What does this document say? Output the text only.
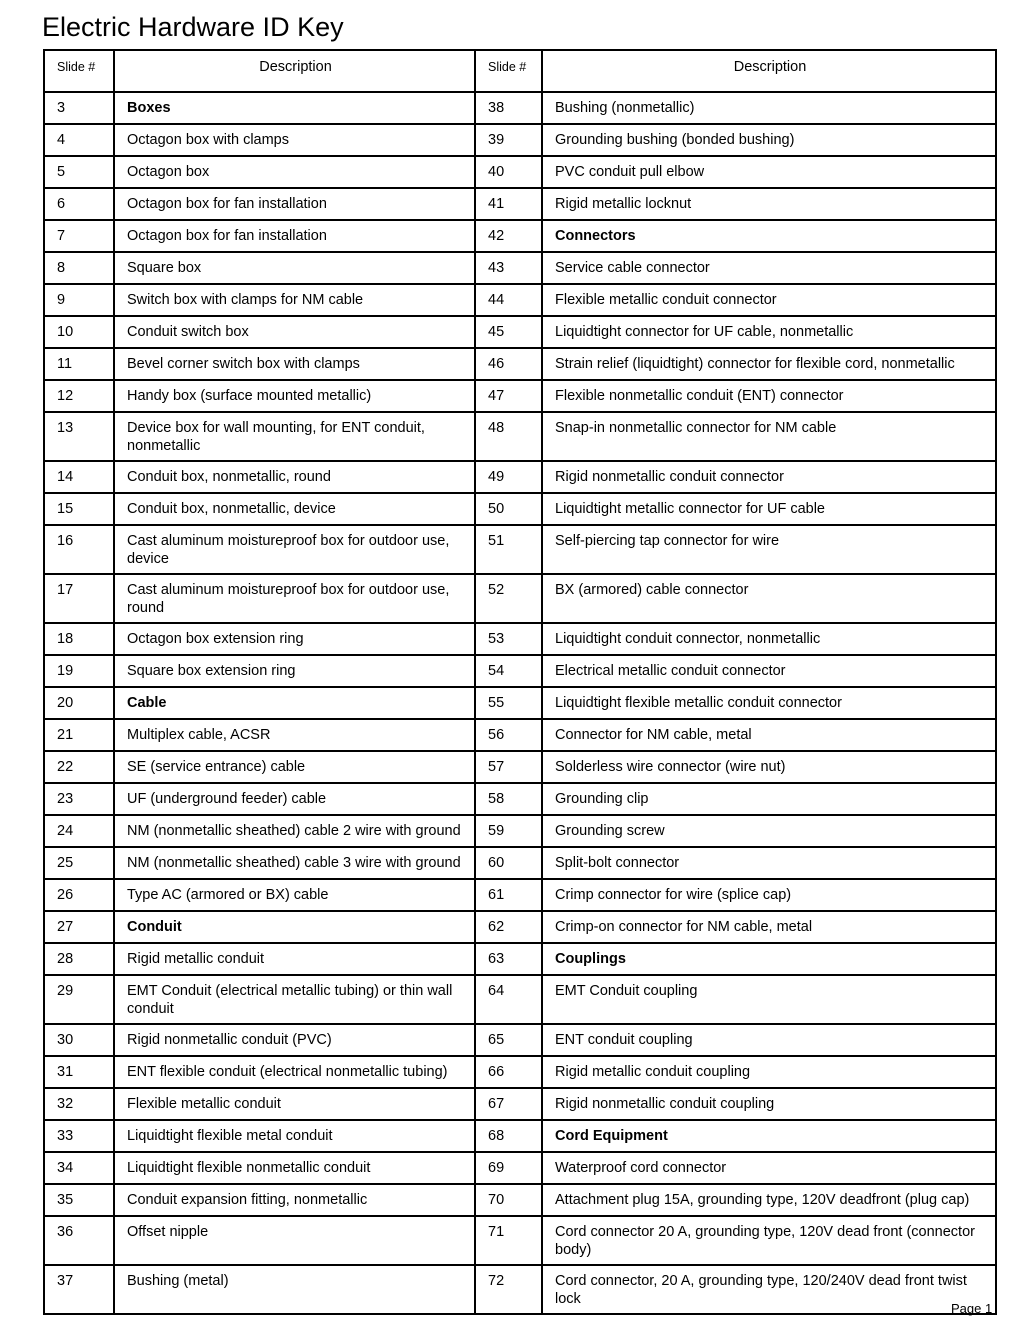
Electric Hardware ID Key
Slide #	Description	Slide #	Description
3	Boxes	38	Bushing (nonmetallic)
4	Octagon box with clamps	39	Grounding bushing (bonded bushing)
5	Octagon box	40	PVC conduit pull elbow
6	Octagon box for fan installation	41	Rigid metallic locknut
7	Octagon box for fan installation	42	Connectors
8	Square box	43	Service cable connector
9	Switch box with clamps for NM cable	44	Flexible metallic conduit connector
10	Conduit switch box	45	Liquidtight connector for UF cable, nonmetallic
11	Bevel corner switch box with clamps	46	Strain relief (liquidtight) connector for flexible cord, nonmetallic
12	Handy box (surface mounted metallic)	47	Flexible nonmetallic conduit (ENT) connector
13	Device box for wall mounting, for ENT conduit, nonmetallic	48	Snap-in nonmetallic connector for NM cable
14	Conduit box, nonmetallic, round	49	Rigid nonmetallic conduit connector
15	Conduit box, nonmetallic, device	50	Liquidtight metallic connector for UF cable
16	Cast aluminum moistureproof box for outdoor use, device	51	Self-piercing tap connector for wire
17	Cast aluminum moistureproof box for outdoor use, round	52	BX (armored) cable connector
18	Octagon box extension ring	53	Liquidtight conduit connector, nonmetallic
19	Square box extension ring	54	Electrical metallic conduit connector
20	Cable	55	Liquidtight flexible metallic conduit connector
21	Multiplex cable, ACSR	56	Connector for NM cable, metal
22	SE (service entrance) cable	57	Solderless wire connector (wire nut)
23	UF (underground feeder) cable	58	Grounding clip
24	NM (nonmetallic sheathed) cable 2 wire with ground	59	Grounding screw
25	NM (nonmetallic sheathed) cable 3 wire with ground	60	Split-bolt connector
26	Type AC (armored or BX) cable	61	Crimp connector for wire (splice cap)
27	Conduit	62	Crimp-on connector for NM cable, metal
28	Rigid metallic conduit	63	Couplings
29	EMT Conduit (electrical metallic tubing) or thin wall conduit	64	EMT Conduit coupling
30	Rigid nonmetallic conduit (PVC)	65	ENT conduit coupling
31	ENT flexible conduit (electrical nonmetallic tubing)	66	Rigid metallic conduit coupling
32	Flexible metallic conduit	67	Rigid nonmetallic conduit coupling
33	Liquidtight flexible metal conduit	68	Cord Equipment
34	Liquidtight flexible nonmetallic conduit	69	Waterproof cord connector
35	Conduit expansion fitting, nonmetallic	70	Attachment plug 15A, grounding type, 120V deadfront (plug cap)
36	Offset nipple	71	Cord connector 20 A, grounding type, 120V dead front (connector body)
37	Bushing (metal)	72	Cord connector, 20 A, grounding type, 120/240V dead front twist lock
Page 1
